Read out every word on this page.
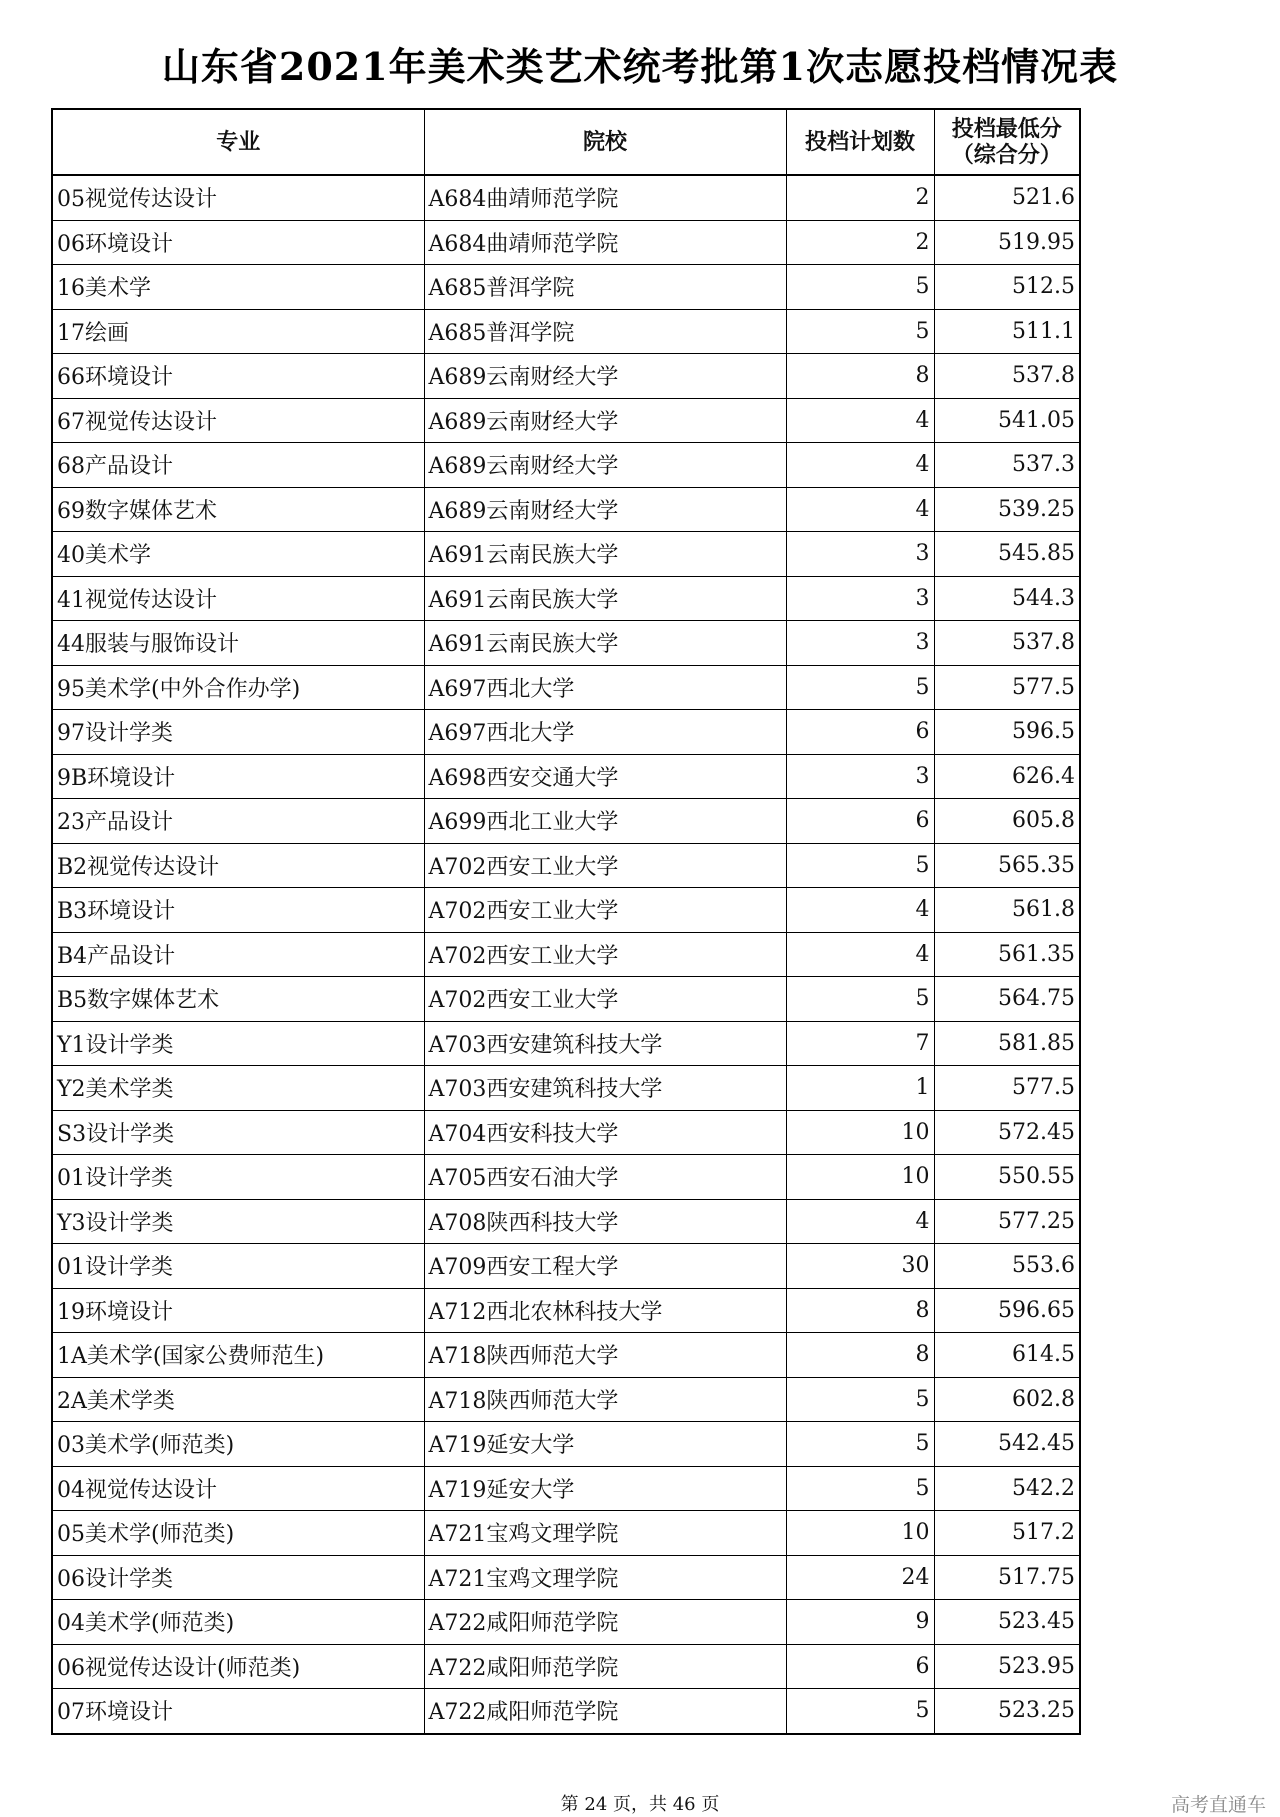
山东省2021年美术类艺术统考批第1次志愿投档情况表
专业	院校	投档计划数	投档最低分
（综合分）
05视觉传达设计	A684曲靖师范学院	2	521.6
06环境设计	A684曲靖师范学院	2	519.95
16美术学	A685普洱学院	5	512.5
17绘画	A685普洱学院	5	511.1
66环境设计	A689云南财经大学	8	537.8
67视觉传达设计	A689云南财经大学	4	541.05
68产品设计	A689云南财经大学	4	537.3
69数字媒体艺术	A689云南财经大学	4	539.25
40美术学	A691云南民族大学	3	545.85
41视觉传达设计	A691云南民族大学	3	544.3
44服装与服饰设计	A691云南民族大学	3	537.8
95美术学(中外合作办学)	A697西北大学	5	577.5
97设计学类	A697西北大学	6	596.5
9B环境设计	A698西安交通大学	3	626.4
23产品设计	A699西北工业大学	6	605.8
B2视觉传达设计	A702西安工业大学	5	565.35
B3环境设计	A702西安工业大学	4	561.8
B4产品设计	A702西安工业大学	4	561.35
B5数字媒体艺术	A702西安工业大学	5	564.75
Y1设计学类	A703西安建筑科技大学	7	581.85
Y2美术学类	A703西安建筑科技大学	1	577.5
S3设计学类	A704西安科技大学	10	572.45
01设计学类	A705西安石油大学	10	550.55
Y3设计学类	A708陕西科技大学	4	577.25
01设计学类	A709西安工程大学	30	553.6
19环境设计	A712西北农林科技大学	8	596.65
1A美术学(国家公费师范生)	A718陕西师范大学	8	614.5
2A美术学类	A718陕西师范大学	5	602.8
03美术学(师范类)	A719延安大学	5	542.45
04视觉传达设计	A719延安大学	5	542.2
05美术学(师范类)	A721宝鸡文理学院	10	517.2
06设计学类	A721宝鸡文理学院	24	517.75
04美术学(师范类)	A722咸阳师范学院	9	523.45
06视觉传达设计(师范类)	A722咸阳师范学院	6	523.95
07环境设计	A722咸阳师范学院	5	523.25
第 24 页，共 46 页	高考直通车
